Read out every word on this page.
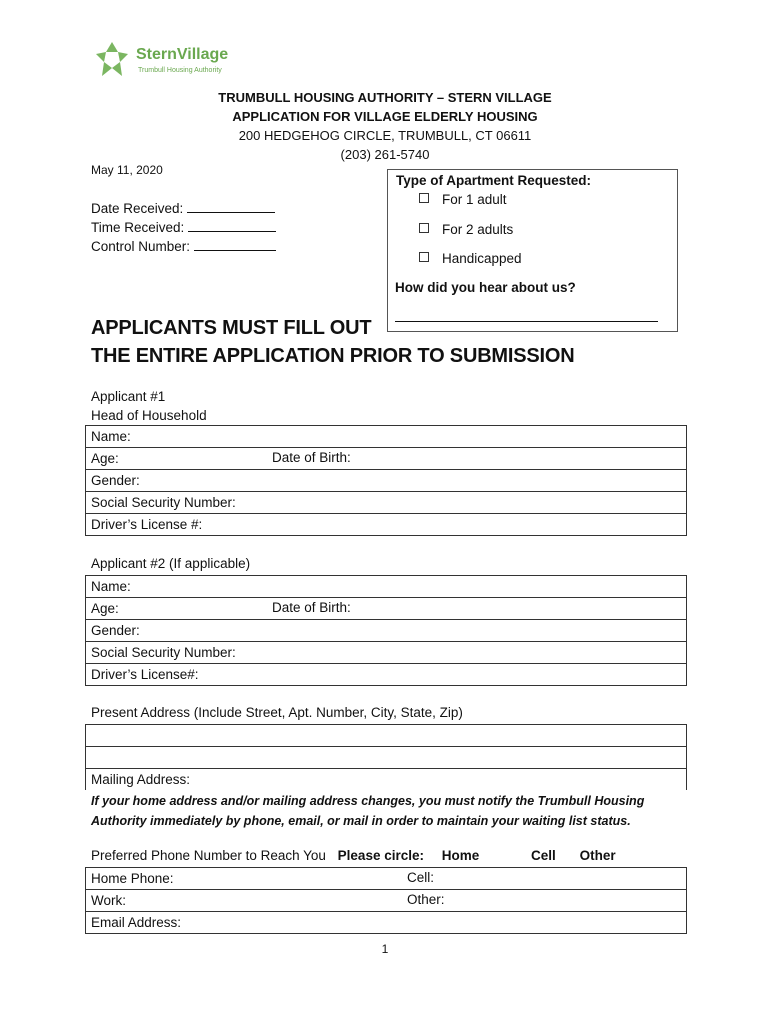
SternVillage
Trumbull Housing Authority
TRUMBULL HOUSING AUTHORITY – STERN VILLAGE
APPLICATION FOR VILLAGE ELDERLY HOUSING
200 HEDGEHOG CIRCLE, TRUMBULL, CT 06611
(203) 261-5740
May 11, 2020
Date Received:
Time Received:
Control Number:
Type of Apartment Requested:
For 1 adult
For 2 adults
Handicapped
How did you hear about us?
APPLICANTS MUST FILL OUT
THE ENTIRE APPLICATION PRIOR TO SUBMISSION
Applicant #1
Head of Household
Name:
Age:	Date of Birth:

Gender:
Social Security Number:
Driver’s License #:
Applicant #2 (If applicable)
Name:
Age:	Date of Birth:

Gender:
Social Security Number:
Driver’s License#:
Present Address (Include Street, Apt. Number, City, State, Zip)

Mailing Address:
If your home address and/or mailing address changes, you must notify the Trumbull Housing Authority immediately by phone, email, or mail in order to maintain your waiting list status.
Preferred Phone Number to Reach You Please circle: Home	Cell Other
Home Phone:	Cell:

Work:	Other:

Email Address:
1
